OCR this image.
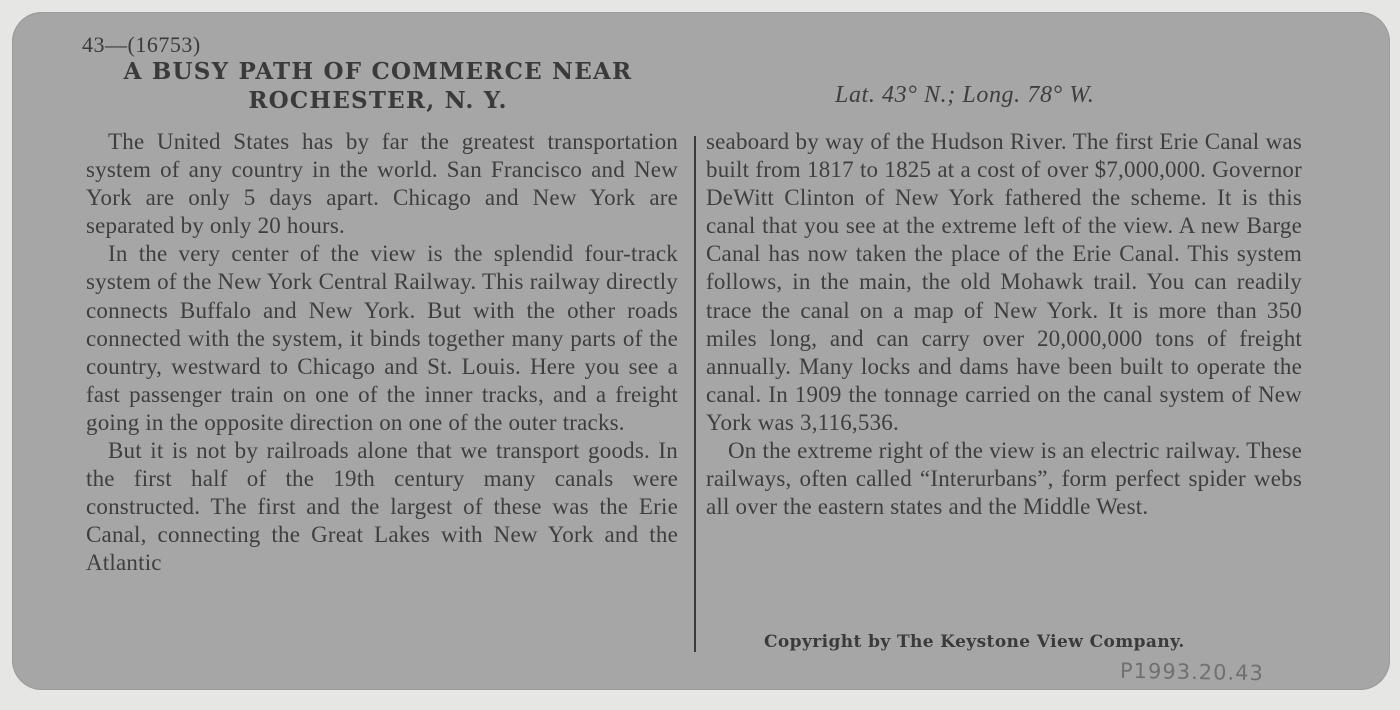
43—(16753)
A BUSY PATH OF COMMERCE NEAR
ROCHESTER, N. Y.	Lat. 43° N.; Long. 78° W.

The United States has by far the greatest transportation system of any country in the world. San Francisco and New York are only 5 days apart. Chicago and New York are separated by only 20 hours.

In the very center of the view is the splendid four-track system of the New York Central Railway. This railway directly connects Buffalo and New York. But with the other roads connected with the system, it binds together many parts of the country, westward to Chicago and St. Louis. Here you see a fast passenger train on one of the inner tracks, and a freight going in the opposite direction on one of the outer tracks.

But it is not by railroads alone that we transport goods. In the first half of the 19th century many canals were constructed. The first and the largest of these was the Erie Canal, connecting the Great Lakes with New York and the Atlantic

seaboard by way of the Hudson River. The first Erie Canal was built from 1817 to 1825 at a cost of over $7,000,000. Governor DeWitt Clinton of New York fathered the scheme. It is this canal that you see at the extreme left of the view. A new Barge Canal has now taken the place of the Erie Canal. This system follows, in the main, the old Mohawk trail. You can readily trace the canal on a map of New York. It is more than 350 miles long, and can carry over 20,000,000 tons of freight annually. Many locks and dams have been built to operate the canal. In 1909 the tonnage carried on the canal system of New York was 3,116,536.

On the extreme right of the view is an electric railway. These railways, often called “Interurbans”, form perfect spider webs all over the eastern states and the Middle West.

Copyright by The Keystone View Company.
P1993.20.43
